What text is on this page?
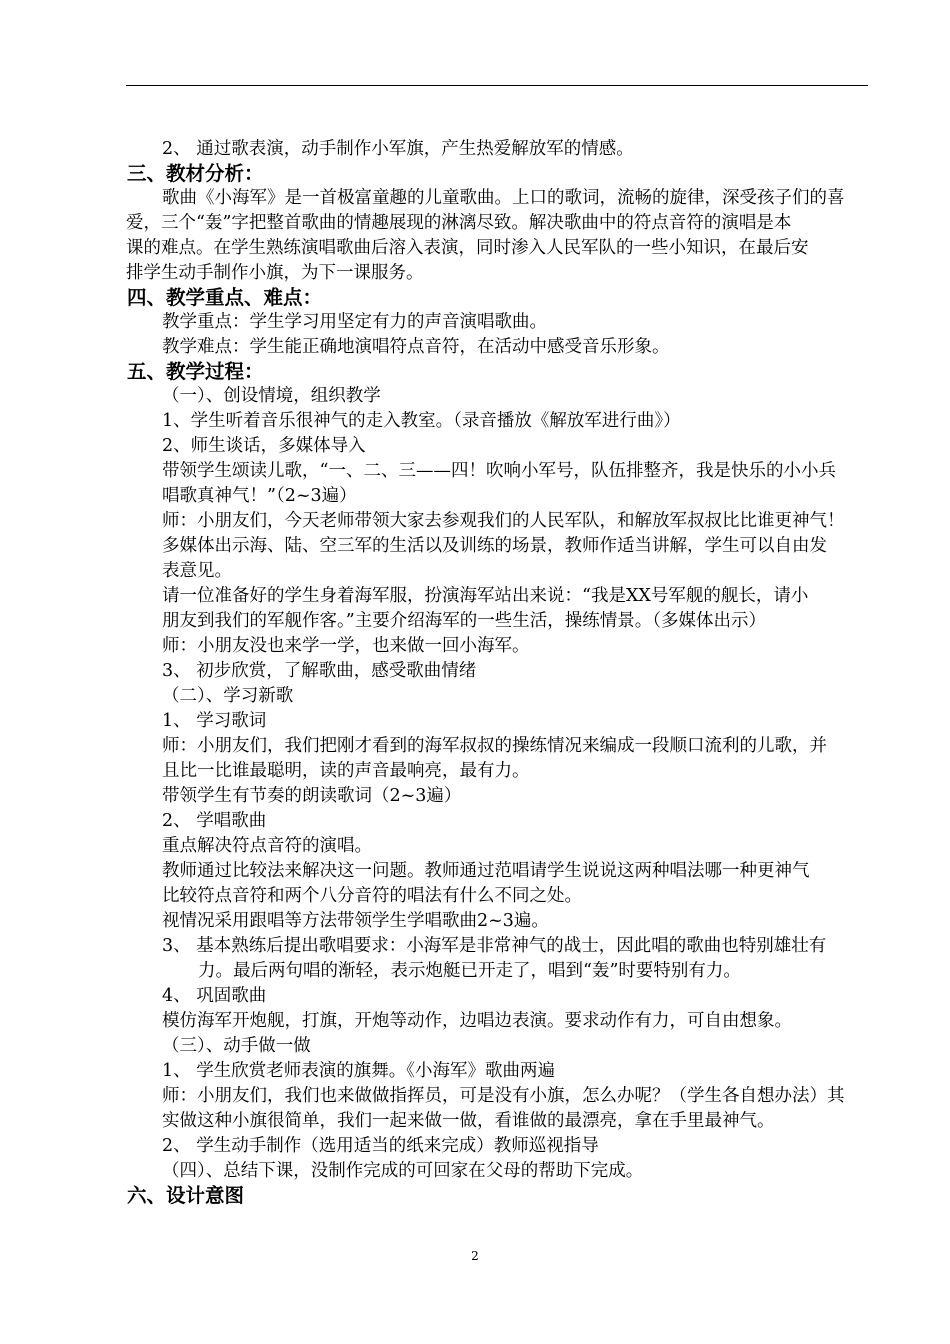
2、 通过歌表演，动手制作小军旗，产生热爱解放军的情感。
三、教材分析：
歌曲《小海军》是一首极富童趣的儿童歌曲。上口的歌词，流畅的旋律，深受孩子们的喜
爱，三个“轰”字把整首歌曲的情趣展现的淋漓尽致。解决歌曲中的符点音符的演唱是本
课的难点。在学生熟练演唱歌曲后溶入表演，同时渗入人民军队的一些小知识，在最后安
排学生动手制作小旗，为下一课服务。
四、教学重点、难点：
教学重点：学生学习用坚定有力的声音演唱歌曲。
教学难点：学生能正确地演唱符点音符，在活动中感受音乐形象。
五、教学过程：
（一）、创设情境，组织教学
1、学生听着音乐很神气的走入教室。（录音播放《解放军进行曲》）
2、师生谈话，多媒体导入
带领学生颂读儿歌，“一、二、三——四！吹响小军号，队伍排整齐，我是快乐的小小兵
唱歌真神气！”（2~3遍）
师：小朋友们，今天老师带领大家去参观我们的人民军队，和解放军叔叔比比谁更神气！
多媒体出示海、陆、空三军的生活以及训练的场景，教师作适当讲解，学生可以自由发
表意见。
请一位准备好的学生身着海军服，扮演海军站出来说：“我是XX号军舰的舰长，请小
朋友到我们的军舰作客。”主要介绍海军的一些生活，操练情景。（多媒体出示）
师：小朋友没也来学一学，也来做一回小海军。
3、 初步欣赏，了解歌曲，感受歌曲情绪
（二）、学习新歌
1、 学习歌词
师：小朋友们，我们把刚才看到的海军叔叔的操练情况来编成一段顺口流利的儿歌，并
且比一比谁最聪明，读的声音最响亮，最有力。
带领学生有节奏的朗读歌词（2~3遍）
2、 学唱歌曲
重点解决符点音符的演唱。
教师通过比较法来解决这一问题。教师通过范唱请学生说说这两种唱法哪一种更神气
比较符点音符和两个八分音符的唱法有什么不同之处。
视情况采用跟唱等方法带领学生学唱歌曲2~3遍。
3、 基本熟练后提出歌唱要求：小海军是非常神气的战士，因此唱的歌曲也特别雄壮有
力。最后两句唱的渐轻，表示炮艇已开走了，唱到“轰”时要特别有力。
4、 巩固歌曲
模仿海军开炮舰，打旗，开炮等动作，边唱边表演。要求动作有力，可自由想象。
（三）、动手做一做
1、 学生欣赏老师表演的旗舞。《小海军》歌曲两遍
师：小朋友们，我们也来做做指挥员，可是没有小旗，怎么办呢？（学生各自想办法）其
实做这种小旗很简单，我们一起来做一做，看谁做的最漂亮，拿在手里最神气。
2、 学生动手制作（选用适当的纸来完成）教师巡视指导
（四）、总结下课，没制作完成的可回家在父母的帮助下完成。
六、设计意图
2
